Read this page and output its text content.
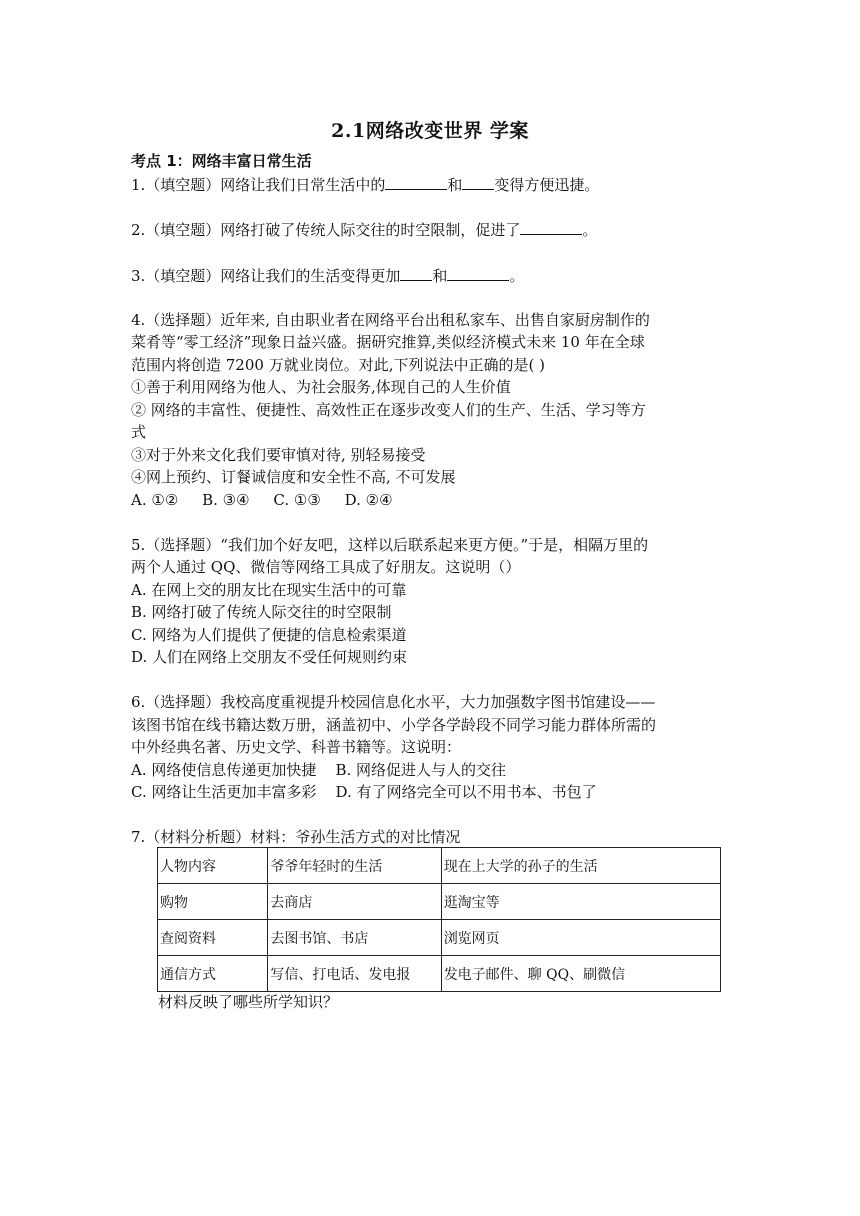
2.1网络改变世界 学案
考点 1：网络丰富日常生活
1.（填空题）网络让我们日常生活中的	和 变得方便迅捷。
2.（填空题）网络打破了传统人际交往的时空限制，促进了	。
3.（填空题）网络让我们的生活变得更加 和	。
4.（选择题）近年来, 自由职业者在网络平台出租私家车、出售自家厨房制作的
菜肴等“零工经济”现象日益兴盛。据研究推算,类似经济模式未来 10 年在全球
范围内将创造 7200 万就业岗位。对此,下列说法中正确的是( )
①善于利用网络为他人、为社会服务,体现自己的人生价值
② 网络的丰富性、便捷性、高效性正在逐步改变人们的生产、生活、学习等方
式
③对于外来文化我们要审慎对待, 别轻易接受
④网上预约、订餐诚信度和安全性不高, 不可发展
A. ①②     B. ③④     C. ①③     D. ②④
5.（选择题）“我们加个好友吧，这样以后联系起来更方便。”于是，相隔万里的
两个人通过 QQ、微信等网络工具成了好朋友。这说明（）
A. 在网上交的朋友比在现实生活中的可靠
B. 网络打破了传统人际交往的时空限制
C. 网络为人们提供了便捷的信息检索渠道
D. 人们在网络上交朋友不受任何规则约束
6.（选择题）我校高度重视提升校园信息化水平，大力加强数字图书馆建设——
该图书馆在线书籍达数万册，涵盖初中、小学各学龄段不同学习能力群体所需的
中外经典名著、历史文学、科普书籍等。这说明：
A. 网络使信息传递更加快捷    B. 网络促进人与人的交往
C. 网络让生活更加丰富多彩    D. 有了网络完全可以不用书本、书包了
7.（材料分析题）材料：爷孙生活方式的对比情况
人物内容	爷爷年轻时的生活	现在上大学的孙子的生活
购物	去商店	逛淘宝等
查阅资料	去图书馆、书店	浏览网页
通信方式	写信、打电话、发电报	发电子邮件、聊 QQ、刷微信
材料反映了哪些所学知识？
